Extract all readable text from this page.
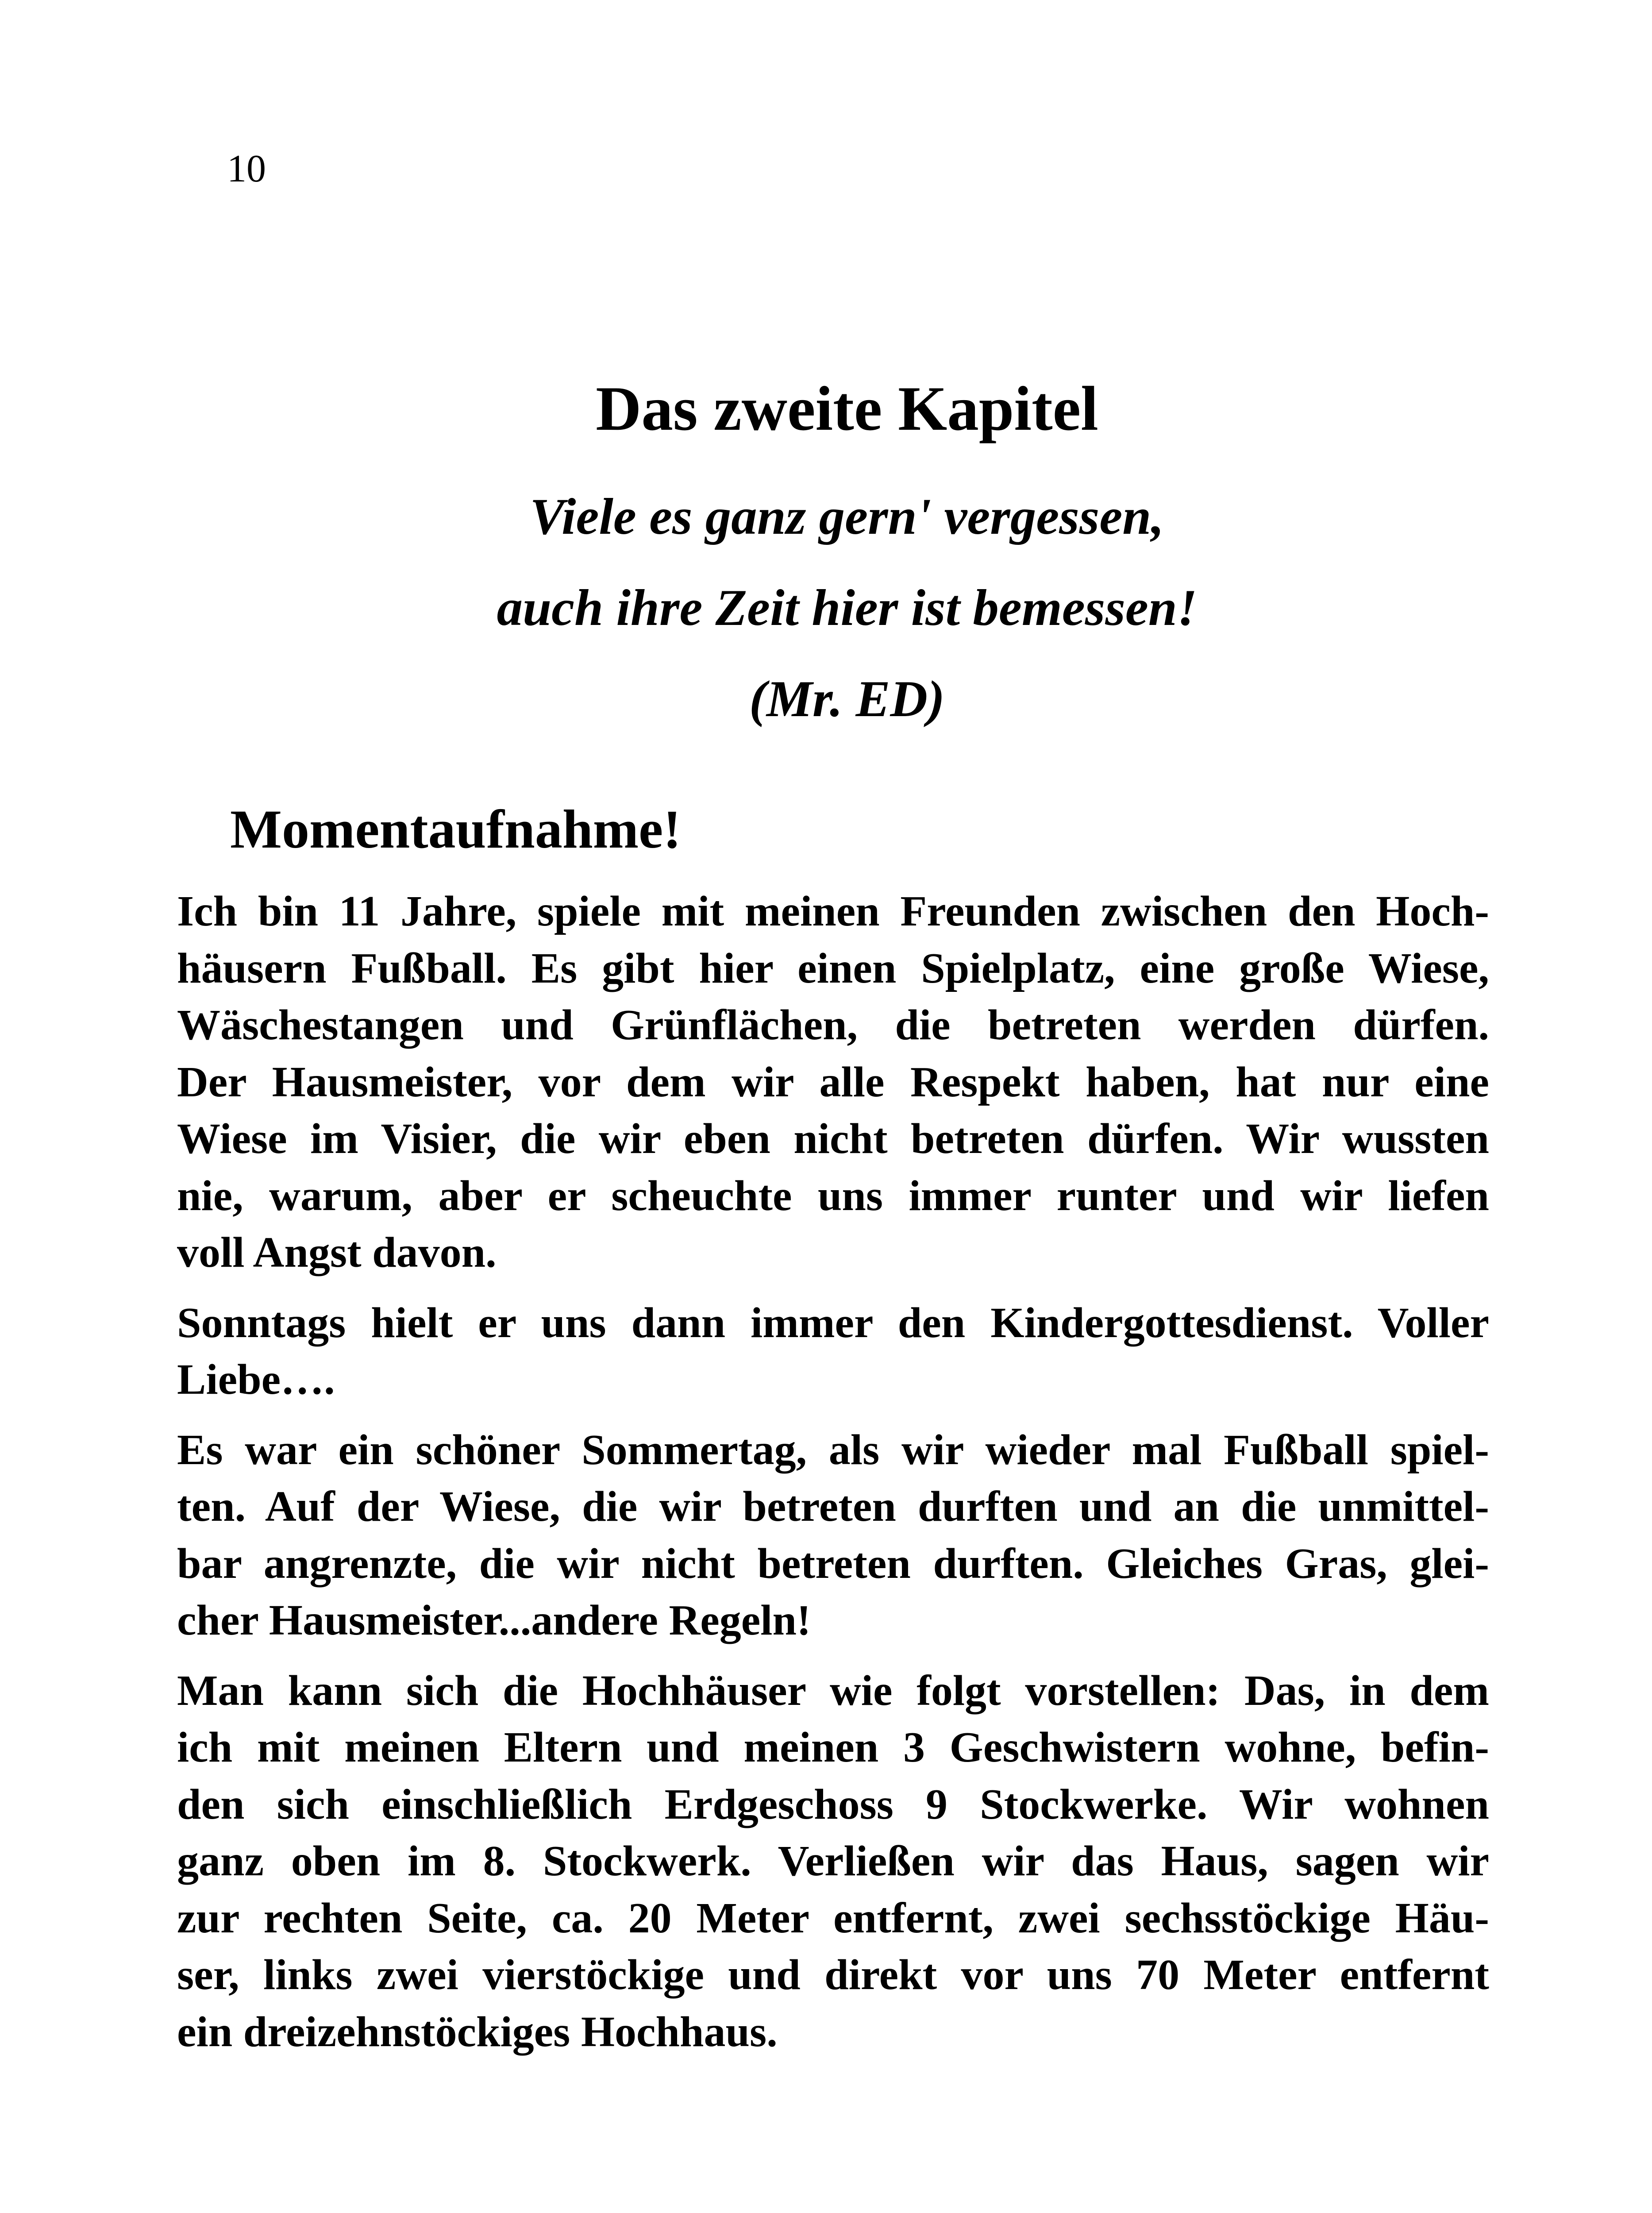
10
Das zweite Kapitel
Viele es ganz gern' vergessen,
auch ihre Zeit hier ist bemessen!
(Mr. ED)
Momentaufnahme!

Ich bin 11 Jahre, spiele mit meinen Freunden zwischen den Hoch-
häusern Fußball. Es gibt hier einen Spielplatz, eine große Wiese,
Wäschestangen und Grünflächen, die betreten werden dürfen.
Der Hausmeister, vor dem wir alle Respekt haben, hat nur eine
Wiese im Visier, die wir eben nicht betreten dürfen. Wir wussten
nie, warum, aber er scheuchte uns immer runter und wir liefen
voll Angst davon.

Sonntags hielt er uns dann immer den Kindergottesdienst. Voller
Liebe….

Es war ein schöner Sommertag, als wir wieder mal Fußball spiel-
ten. Auf der Wiese, die wir betreten durften und an die unmittel-
bar angrenzte, die wir nicht betreten durften. Gleiches Gras, glei-
cher Hausmeister...andere Regeln!

Man kann sich die Hochhäuser wie folgt vorstellen: Das, in dem
ich mit meinen Eltern und meinen 3 Geschwistern wohne, befin-
den sich einschließlich Erdgeschoss 9 Stockwerke. Wir wohnen
ganz oben im 8. Stockwerk. Verließen wir das Haus, sagen wir
zur rechten Seite, ca. 20 Meter entfernt, zwei sechsstöckige Häu-
ser, links zwei vierstöckige und direkt vor uns 70 Meter entfernt
ein dreizehnstöckiges Hochhaus.
